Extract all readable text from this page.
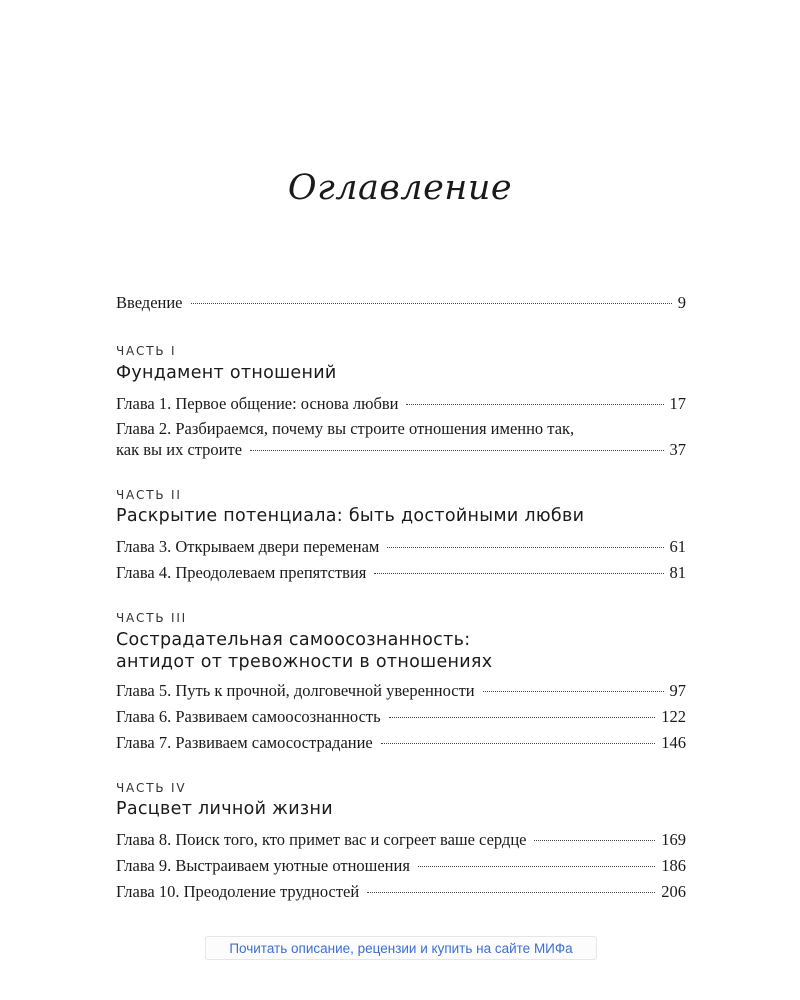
Оглавление
Введение	9
ЧАСТЬ I
Фундамент отношений
Глава 1. Первое общение: основа любви	17
Глава 2. Разбираемся, почему вы строите отношения именно так,
как вы их строите	37
ЧАСТЬ II
Раскрытие потенциала: быть достойными любви
Глава 3. Открываем двери переменам	61
Глава 4. Преодолеваем препятствия	81
ЧАСТЬ III
Сострадательная самоосознанность:
антидот от тревожности в отношениях
Глава 5. Путь к прочной, долговечной уверенности	97
Глава 6. Развиваем самоосознанность	122
Глава 7. Развиваем самосострадание	146
ЧАСТЬ IV
Расцвет личной жизни
Глава 8. Поиск того, кто примет вас и согреет ваше сердце	169
Глава 9. Выстраиваем уютные отношения	186
Глава 10. Преодоление трудностей	206
Почитать описание, рецензии и купить на сайте МИФа
